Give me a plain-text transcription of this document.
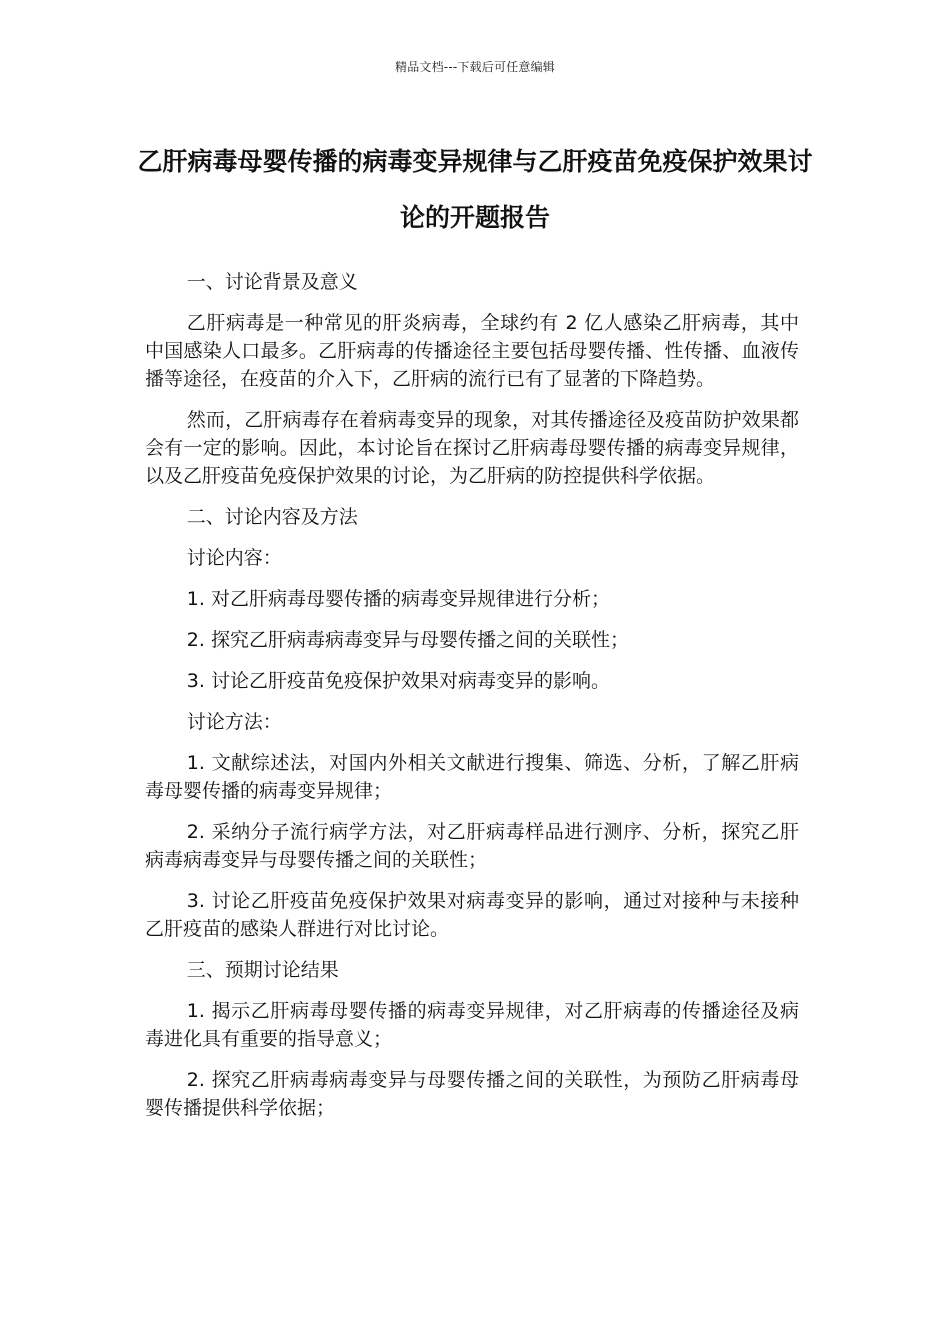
精品文档---下载后可任意编辑
乙肝病毒母婴传播的病毒变异规律与乙肝疫苗免疫保护效果讨论的开题报告

一、讨论背景及意义

乙肝病毒是一种常见的肝炎病毒，全球约有 2 亿人感染乙肝病毒，其中中国感染人口最多。乙肝病毒的传播途径主要包括母婴传播、性传播、血液传播等途径，在疫苗的介入下，乙肝病的流行已有了显著的下降趋势。

然而，乙肝病毒存在着病毒变异的现象，对其传播途径及疫苗防护效果都会有一定的影响。因此，本讨论旨在探讨乙肝病毒母婴传播的病毒变异规律，以及乙肝疫苗免疫保护效果的讨论，为乙肝病的防控提供科学依据。

二、讨论内容及方法

讨论内容：

1. 对乙肝病毒母婴传播的病毒变异规律进行分析；

2. 探究乙肝病毒病毒变异与母婴传播之间的关联性；

3. 讨论乙肝疫苗免疫保护效果对病毒变异的影响。

讨论方法：

1. 文献综述法，对国内外相关文献进行搜集、筛选、分析，了解乙肝病毒母婴传播的病毒变异规律；

2. 采纳分子流行病学方法，对乙肝病毒样品进行测序、分析，探究乙肝病毒病毒变异与母婴传播之间的关联性；

3. 讨论乙肝疫苗免疫保护效果对病毒变异的影响，通过对接种与未接种乙肝疫苗的感染人群进行对比讨论。

三、预期讨论结果

1. 揭示乙肝病毒母婴传播的病毒变异规律，对乙肝病毒的传播途径及病毒进化具有重要的指导意义；

2. 探究乙肝病毒病毒变异与母婴传播之间的关联性，为预防乙肝病毒母婴传播提供科学依据；
